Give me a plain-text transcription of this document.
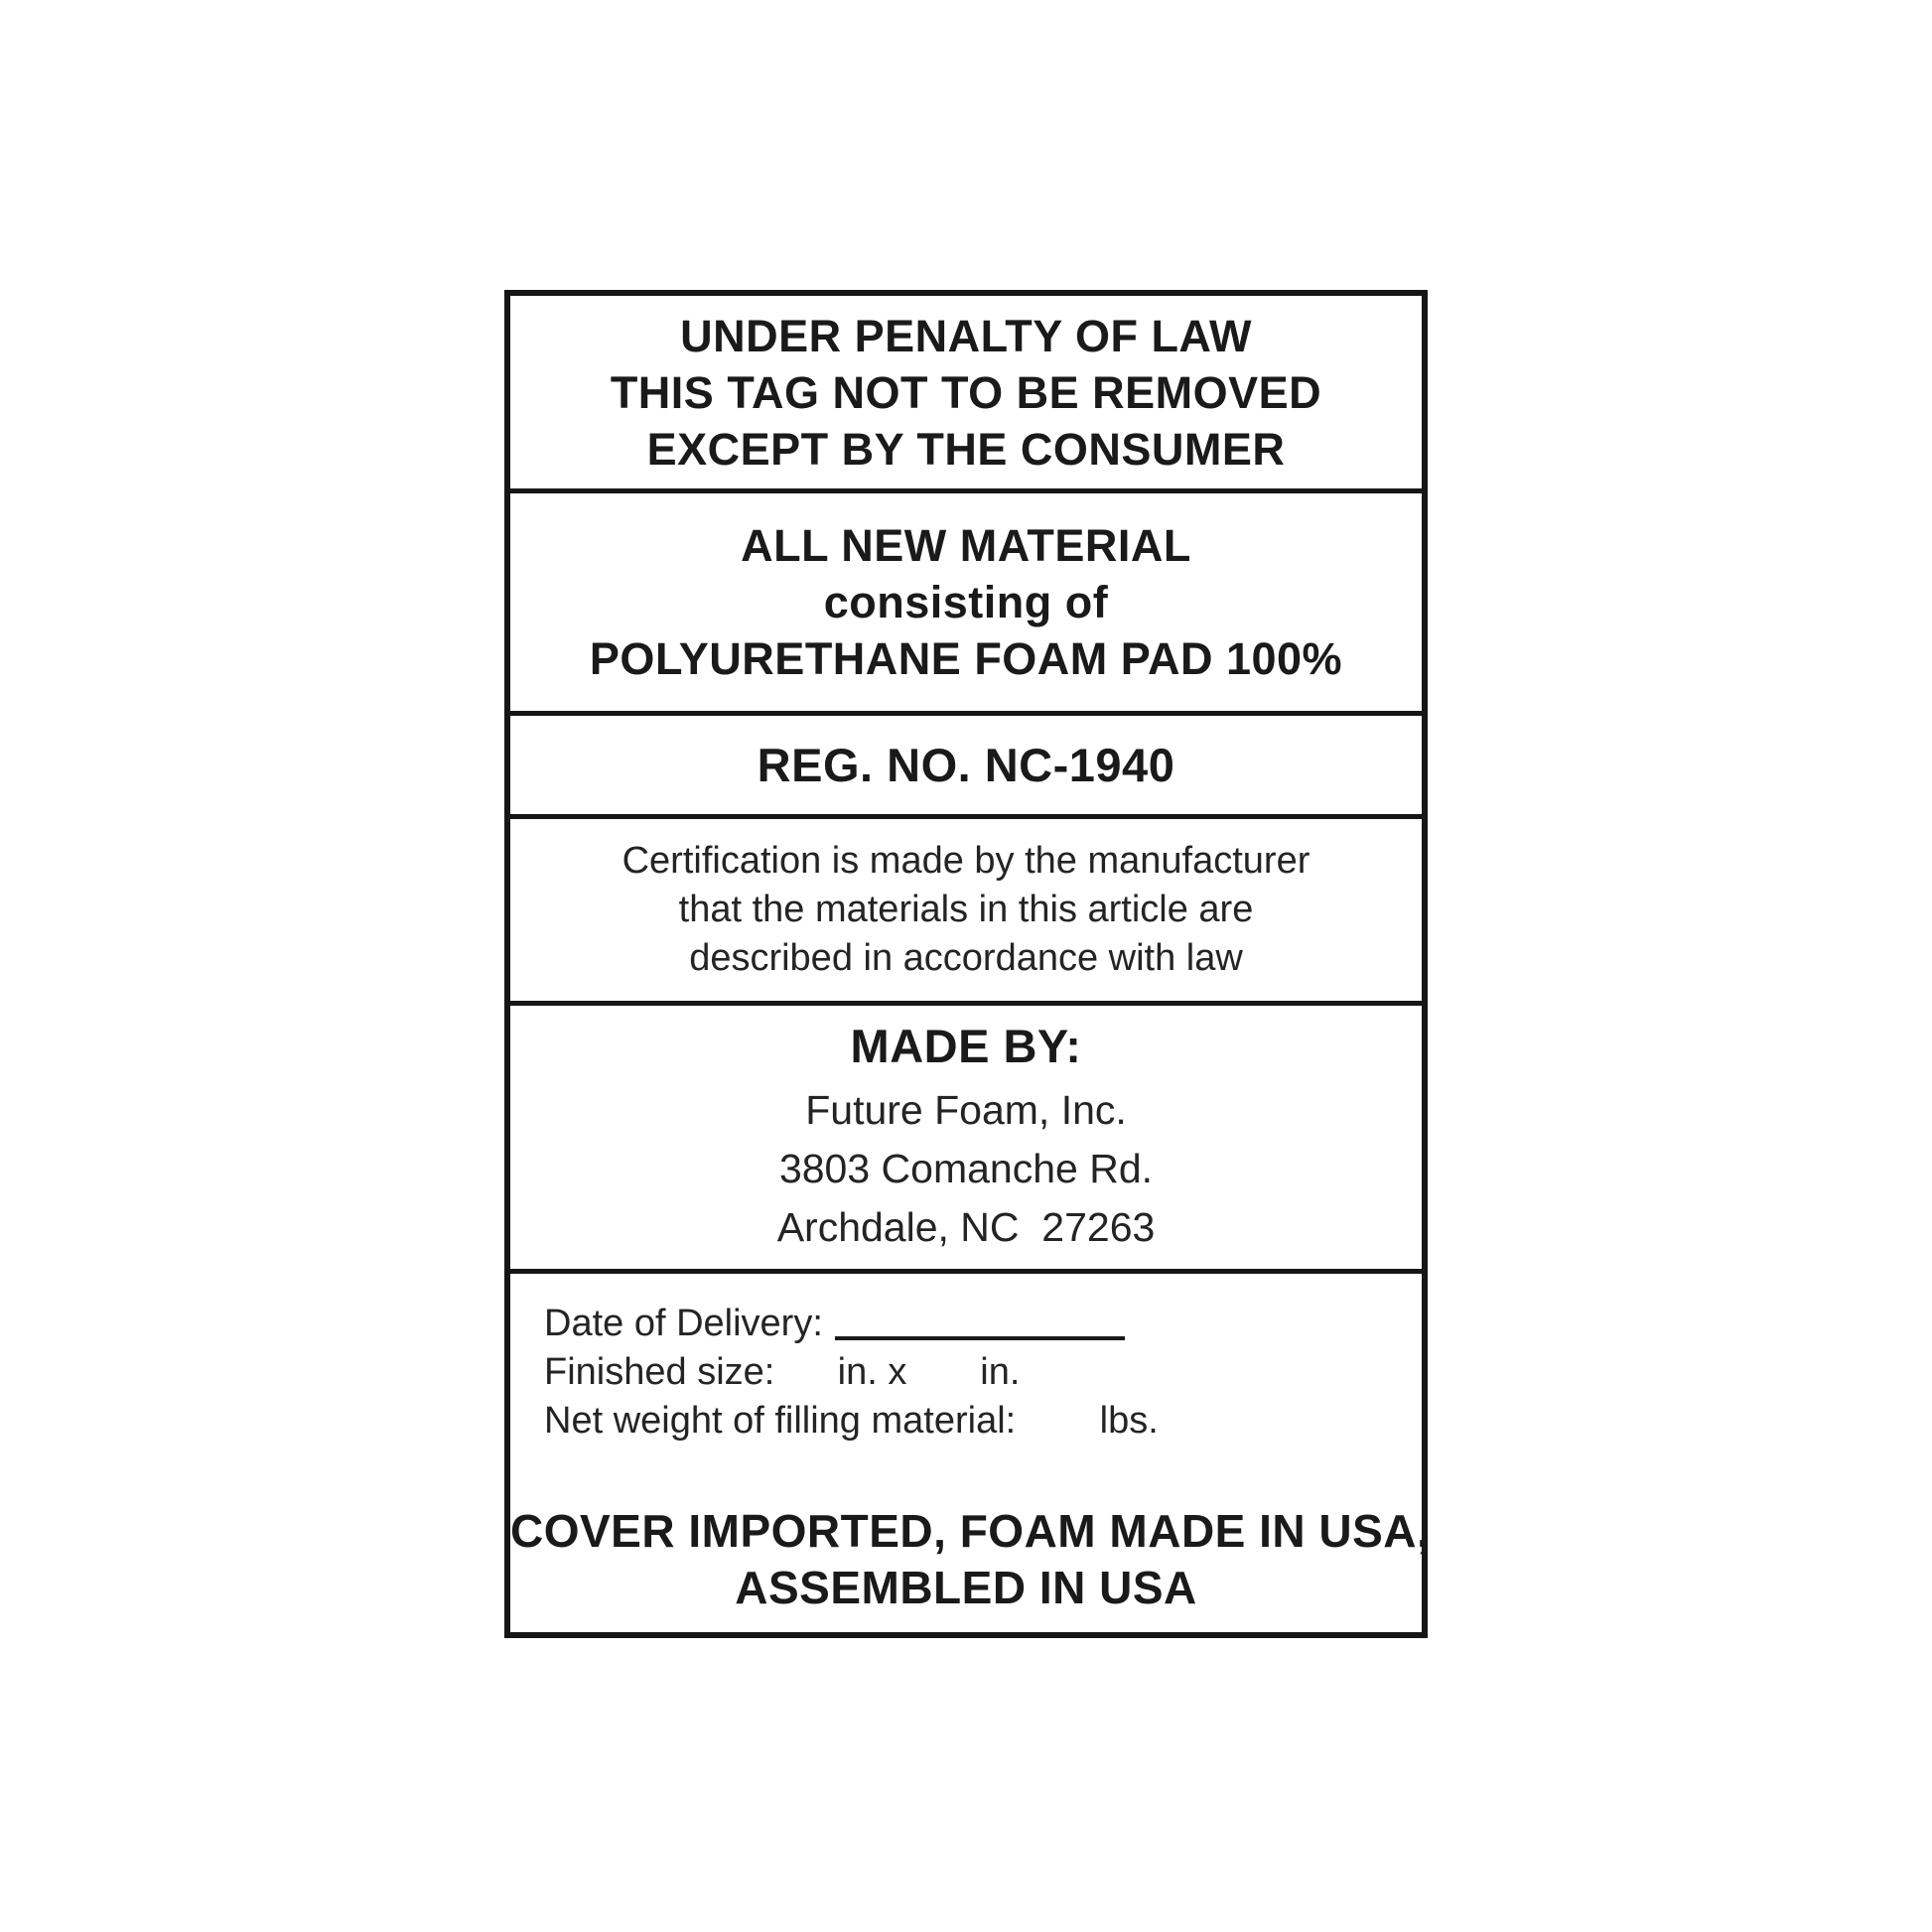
UNDER PENALTY OF LAW
THIS TAG NOT TO BE REMOVED
EXCEPT BY THE CONSUMER
ALL NEW MATERIAL
consisting of
POLYURETHANE FOAM PAD 100%
REG. NO. NC-1940
Certification is made by the manufacturer
that the materials in this article are
described in accordance with law
MADE BY:
Future Foam, Inc.
3803 Comanche Rd.
Archdale, NC  27263
Date of Delivery:
Finished size:      in. x       in.
Net weight of filling material:        lbs.
COVER IMPORTED, FOAM MADE IN USA,
ASSEMBLED IN USA
